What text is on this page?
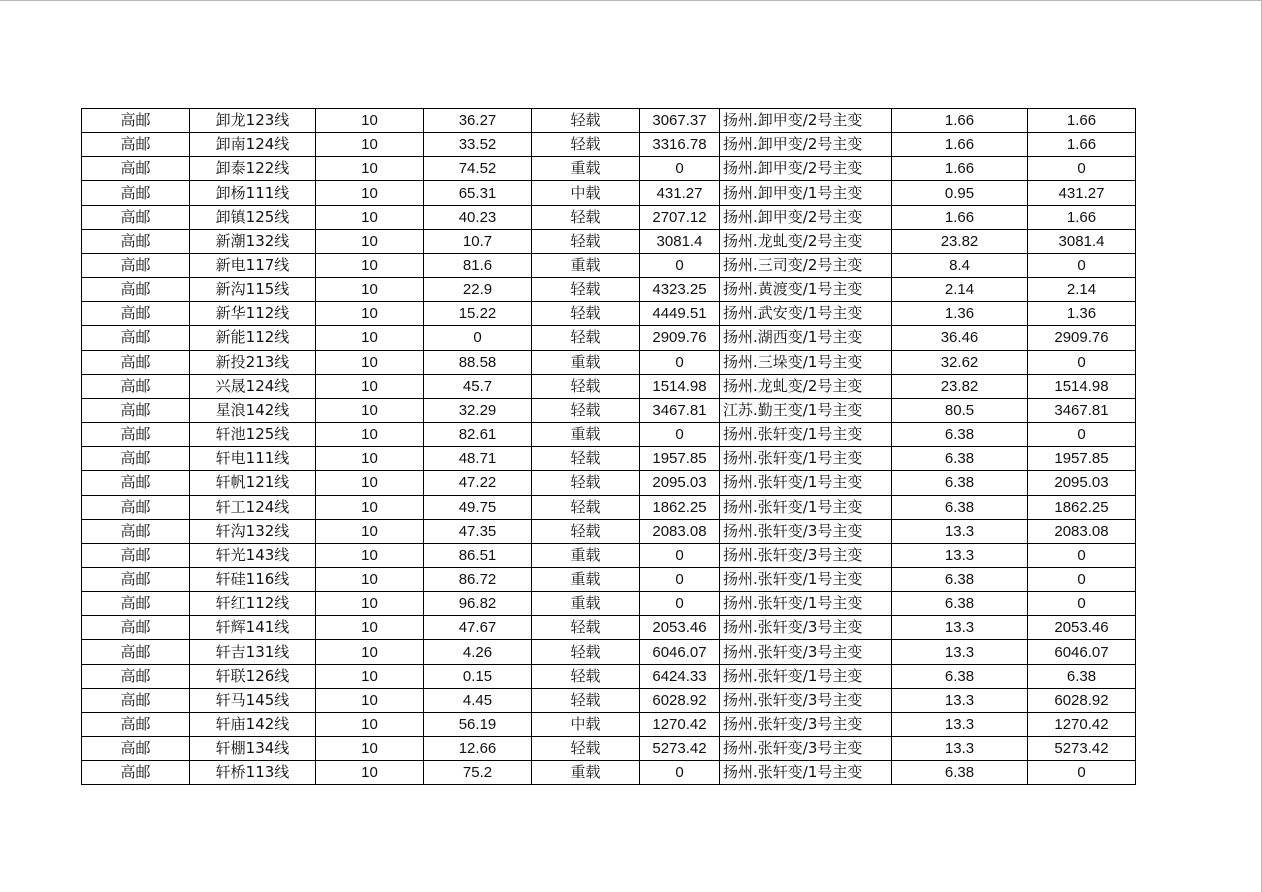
高邮	卸龙123线	10	36.27	轻载	3067.37	扬州.卸甲变/2号主变	1.66	1.66
高邮	卸南124线	10	33.52	轻载	3316.78	扬州.卸甲变/2号主变	1.66	1.66
高邮	卸泰122线	10	74.52	重载	0	扬州.卸甲变/2号主变	1.66	0
高邮	卸杨111线	10	65.31	中载	431.27	扬州.卸甲变/1号主变	0.95	431.27
高邮	卸镇125线	10	40.23	轻载	2707.12	扬州.卸甲变/2号主变	1.66	1.66
高邮	新潮132线	10	10.7	轻载	3081.4	扬州.龙虬变/2号主变	23.82	3081.4
高邮	新电117线	10	81.6	重载	0	扬州.三司变/2号主变	8.4	0
高邮	新沟115线	10	22.9	轻载	4323.25	扬州.黄渡变/1号主变	2.14	2.14
高邮	新华112线	10	15.22	轻载	4449.51	扬州.武安变/1号主变	1.36	1.36
高邮	新能112线	10	0	轻载	2909.76	扬州.湖西变/1号主变	36.46	2909.76
高邮	新投213线	10	88.58	重载	0	扬州.三垛变/1号主变	32.62	0
高邮	兴晟124线	10	45.7	轻载	1514.98	扬州.龙虬变/2号主变	23.82	1514.98
高邮	星浪142线	10	32.29	轻载	3467.81	江苏.勤王变/1号主变	80.5	3467.81
高邮	轩池125线	10	82.61	重载	0	扬州.张轩变/1号主变	6.38	0
高邮	轩电111线	10	48.71	轻载	1957.85	扬州.张轩变/1号主变	6.38	1957.85
高邮	轩帆121线	10	47.22	轻载	2095.03	扬州.张轩变/1号主变	6.38	2095.03
高邮	轩工124线	10	49.75	轻载	1862.25	扬州.张轩变/1号主变	6.38	1862.25
高邮	轩沟132线	10	47.35	轻载	2083.08	扬州.张轩变/3号主变	13.3	2083.08
高邮	轩光143线	10	86.51	重载	0	扬州.张轩变/3号主变	13.3	0
高邮	轩硅116线	10	86.72	重载	0	扬州.张轩变/1号主变	6.38	0
高邮	轩红112线	10	96.82	重载	0	扬州.张轩变/1号主变	6.38	0
高邮	轩辉141线	10	47.67	轻载	2053.46	扬州.张轩变/3号主变	13.3	2053.46
高邮	轩吉131线	10	4.26	轻载	6046.07	扬州.张轩变/3号主变	13.3	6046.07
高邮	轩联126线	10	0.15	轻载	6424.33	扬州.张轩变/1号主变	6.38	6.38
高邮	轩马145线	10	4.45	轻载	6028.92	扬州.张轩变/3号主变	13.3	6028.92
高邮	轩庙142线	10	56.19	中载	1270.42	扬州.张轩变/3号主变	13.3	1270.42
高邮	轩棚134线	10	12.66	轻载	5273.42	扬州.张轩变/3号主变	13.3	5273.42
高邮	轩桥113线	10	75.2	重载	0	扬州.张轩变/1号主变	6.38	0
